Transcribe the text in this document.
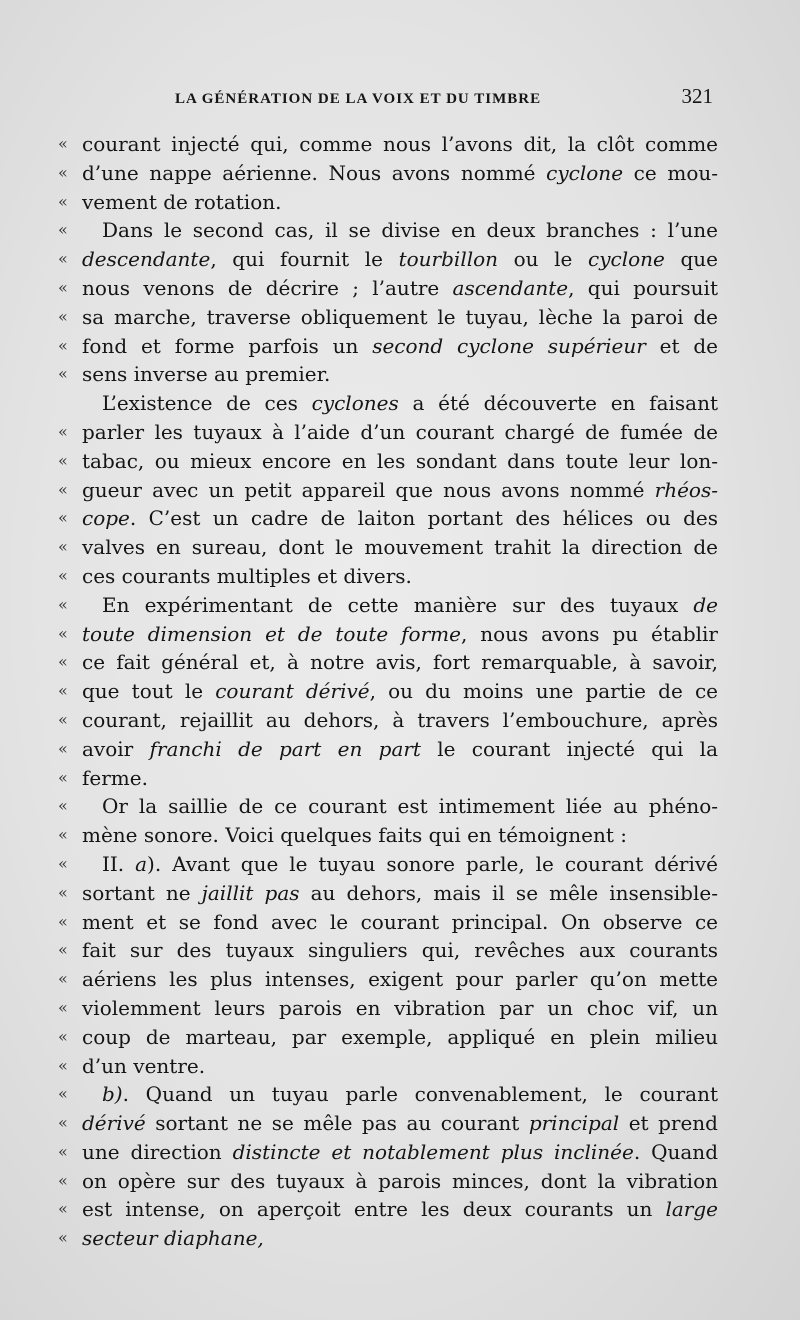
LA GÉNÉRATION DE LA VOIX ET DU TIMBRE	321
« courant injecté qui, comme nous l’avons dit, la clôt comme
« d’une nappe aérienne. Nous avons nommé cyclone ce mou-
« vement de rotation.
«	Dans le second cas, il se divise en deux branches : l’une
« descendante, qui fournit le tourbillon ou le cyclone que
« nous venons de décrire ; l’autre ascendante, qui poursuit
« sa marche, traverse obliquement le tuyau, lèche la paroi de
« fond et forme parfois un second cyclone supérieur et de
« sens inverse au premier.
L’existence de ces cyclones a été découverte en faisant
« parler les tuyaux à l’aide d’un courant chargé de fumée de
« tabac, ou mieux encore en les sondant dans toute leur lon-
« gueur avec un petit appareil que nous avons nommé rhéos-
« cope. C’est un cadre de laiton portant des hélices ou des
« valves en sureau, dont le mouvement trahit la direction de
« ces courants multiples et divers.
«	En expérimentant de cette manière sur des tuyaux de
« toute dimension et de toute forme, nous avons pu établir
« ce fait général et, à notre avis, fort remarquable, à savoir,
« que tout le courant dérivé, ou du moins une partie de ce
« courant, rejaillit au dehors, à travers l’embouchure, après
« avoir franchi de part en part le courant injecté qui la
« ferme.
«	Or la saillie de ce courant est intimement liée au phéno-
« mène sonore. Voici quelques faits qui en témoignent :
«	II. a). Avant que le tuyau sonore parle, le courant dérivé
« sortant ne jaillit pas au dehors, mais il se mêle insensible-
« ment et se fond avec le courant principal. On observe ce
« fait sur des tuyaux singuliers qui, revêches aux courants
« aériens les plus intenses, exigent pour parler qu’on mette
« violemment leurs parois en vibration par un choc vif, un
« coup de marteau, par exemple, appliqué en plein milieu
« d’un ventre.
«	b). Quand un tuyau parle convenablement, le courant
« dérivé sortant ne se mêle pas au courant principal et prend
« une direction distincte et notablement plus inclinée. Quand
« on opère sur des tuyaux à parois minces, dont la vibration
« est intense, on aperçoit entre les deux courants un large
« secteur diaphane,
